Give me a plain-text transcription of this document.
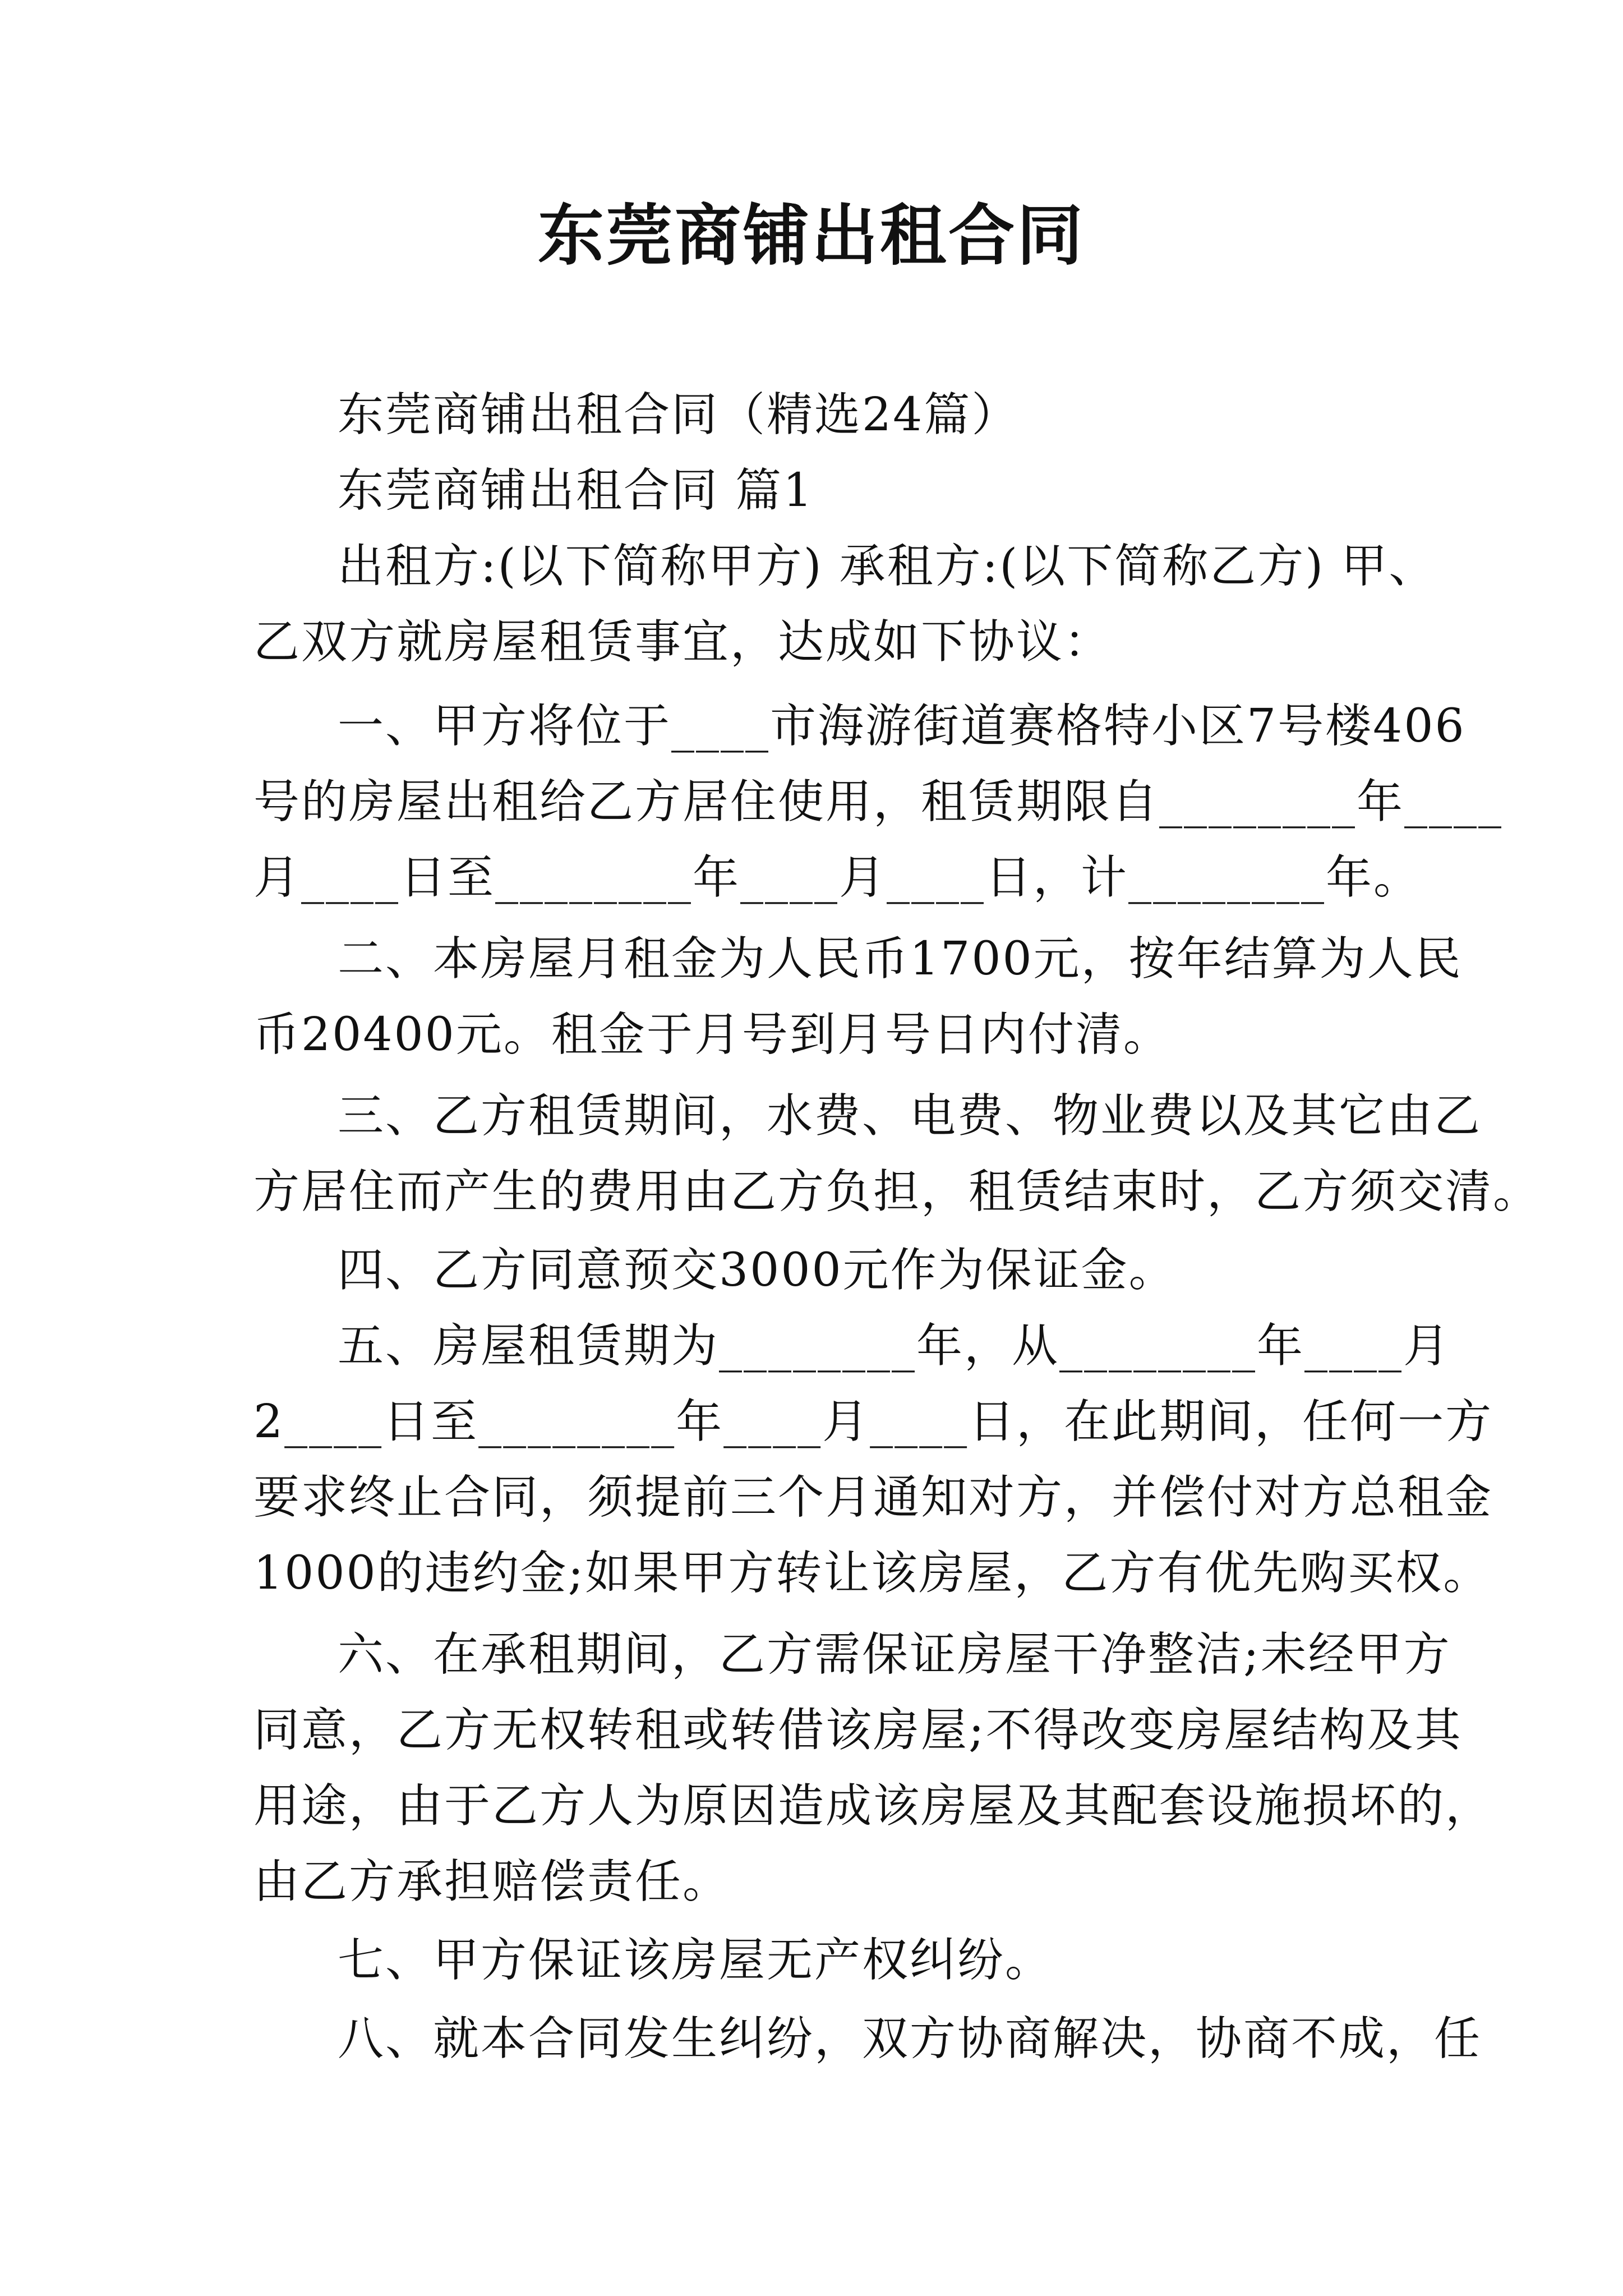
东莞商铺出租合同
东莞商铺出租合同（精选24篇）
东莞商铺出租合同 篇1
出租方:(以下简称甲方) 承租方:(以下简称乙方) 甲、
乙双方就房屋租赁事宜，达成如下协议：
一、甲方将位于____市海游街道赛格特小区7号楼406
号的房屋出租给乙方居住使用，租赁期限自________年____
月____日至________年____月____日，计________年。
二、本房屋月租金为人民币1700元，按年结算为人民
币20400元。租金于月号到月号日内付清。
三、乙方租赁期间，水费、电费、物业费以及其它由乙
方居住而产生的费用由乙方负担，租赁结束时，乙方须交清。
四、乙方同意预交3000元作为保证金。
五、房屋租赁期为________年，从________年____月
2____日至________年____月____日，在此期间，任何一方
要求终止合同，须提前三个月通知对方，并偿付对方总租金
1000的违约金;如果甲方转让该房屋，乙方有优先购买权。
六、在承租期间，乙方需保证房屋干净整洁;未经甲方
同意，乙方无权转租或转借该房屋;不得改变房屋结构及其
用途，由于乙方人为原因造成该房屋及其配套设施损坏的，
由乙方承担赔偿责任。
七、甲方保证该房屋无产权纠纷。
八、就本合同发生纠纷，双方协商解决，协商不成，任
